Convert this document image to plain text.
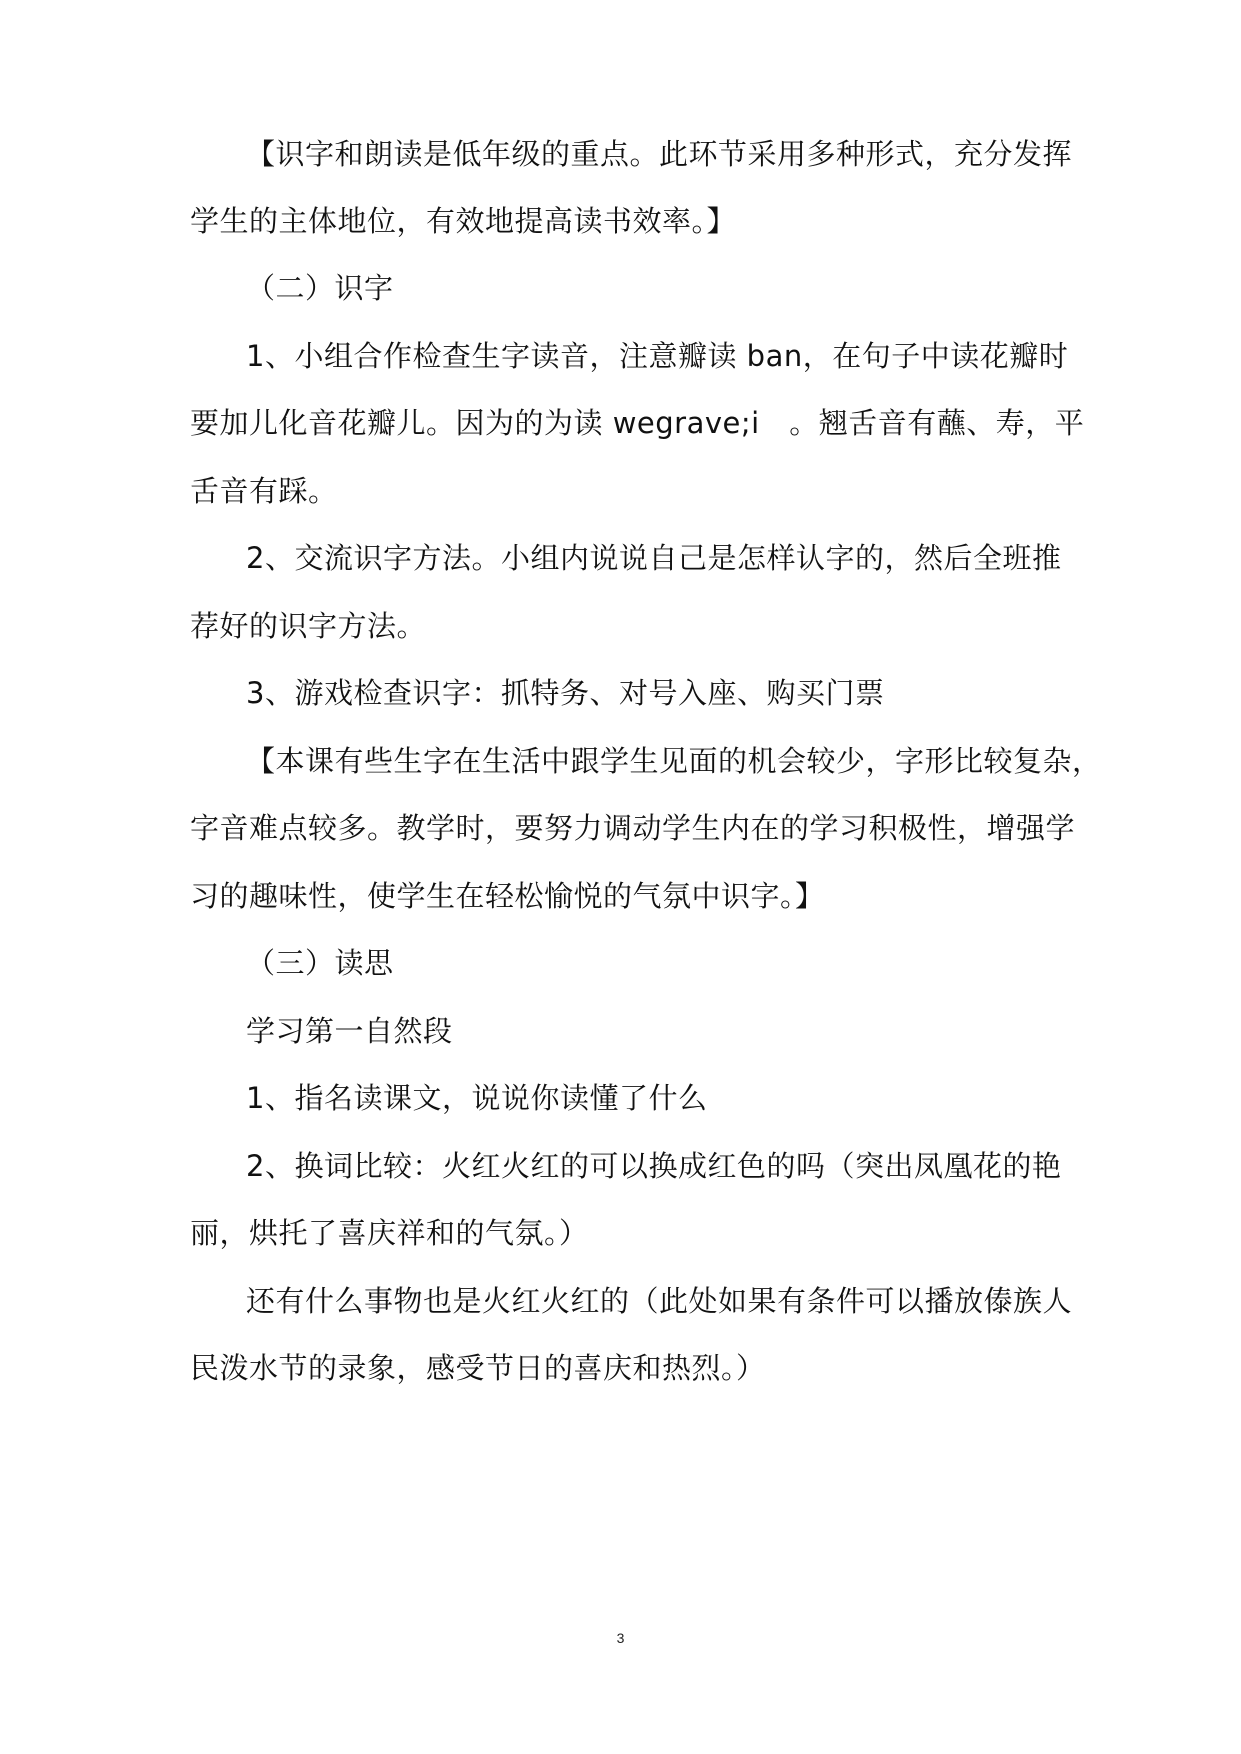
【识字和朗读是低年级的重点。此环节采用多种形式，充分发挥
学生的主体地位，有效地提高读书效率。】
（二）识字
1、小组合作检查生字读音，注意瓣读 ban，在句子中读花瓣时
要加儿化音花瓣儿。因为的为读 wegrave;i　。翘舌音有蘸、寿，平
舌音有踩。
2、交流识字方法。小组内说说自己是怎样认字的，然后全班推
荐好的识字方法。
3、游戏检查识字：抓特务、对号入座、购买门票
【本课有些生字在生活中跟学生见面的机会较少，字形比较复杂，
字音难点较多。教学时，要努力调动学生内在的学习积极性，增强学
习的趣味性，使学生在轻松愉悦的气氛中识字。】
（三）读思
学习第一自然段
1、指名读课文，说说你读懂了什么
2、换词比较：火红火红的可以换成红色的吗（突出凤凰花的艳
丽，烘托了喜庆祥和的气氛。）
还有什么事物也是火红火红的（此处如果有条件可以播放傣族人
民泼水节的录象，感受节日的喜庆和热烈。）
3
